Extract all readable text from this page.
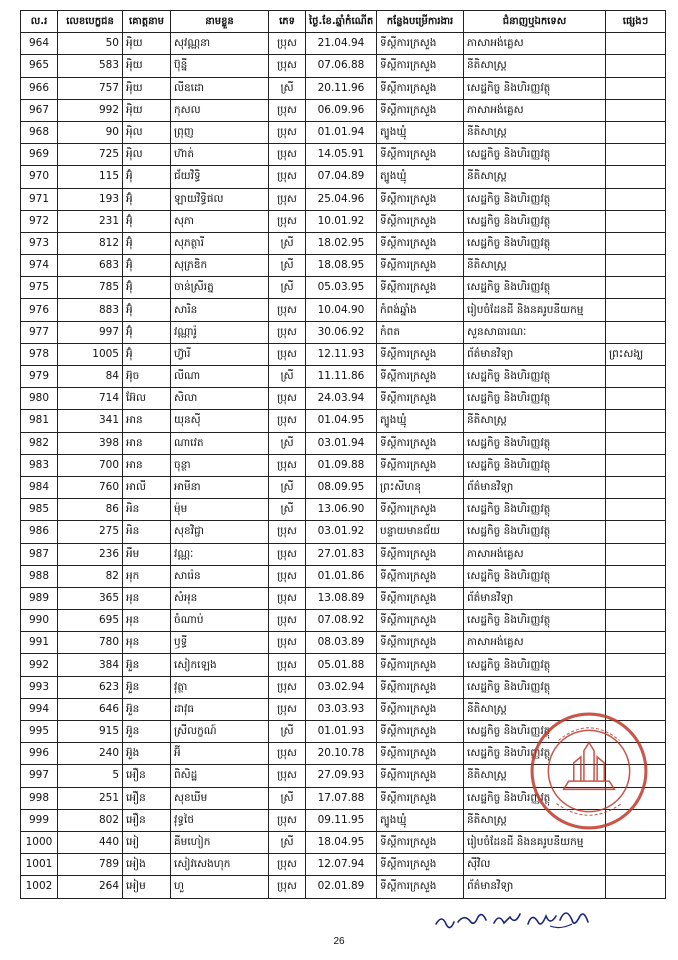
ល.រ	លេខបេក្ខជន	គោត្តនាម	នាមខ្លួន	ភេទ	ថ្ងៃ.ខែ.ឆ្នាំកំណើត	កន្លែងបម្រើការងារ	ជំនាញឬឯកទេស	ផ្សេងៗ
964	50	អុិយ	សុវណ្ណនា	ប្រុស	21.04.94	ទីស្តីការក្រសួង	ភាសាអង់គ្លេស	
965	583	អុិយ	ប៊ុន្នី	ប្រុស	07.06.88	ទីស្តីការក្រសួង	នីតិសាស្ត្រ	
966	757	អុិយ	លីឧដោ	ស្រី	20.11.96	ទីស្តីការក្រសួង	សេដ្ឋកិច្ច និងហិរញ្ញវត្ថុ	
967	992	អុិយ	កុសល	ប្រុស	06.09.96	ទីស្តីការក្រសួង	ភាសាអង់គ្លេស	
968	90	អុិល	ព្រុញ	ប្រុស	01.01.94	ត្បូងឃ្មុំ	នីតិសាស្ត្រ	
969	725	អុិល	ហ៊ាត់	ប្រុស	14.05.91	ទីស្តីការក្រសួង	សេដ្ឋកិច្ច និងហិរញ្ញវត្ថុ	
970	115	អ៊ុំ	ជ័យវិទ្ធិ	ប្រុស	07.04.89	ត្បូងឃ្មុំ	នីតិសាស្ត្រ	
971	193	អ៊ុំ	ឡាយវិទ្ធិផល	ប្រុស	25.04.96	ទីស្តីការក្រសួង	សេដ្ឋកិច្ច និងហិរញ្ញវត្ថុ	
972	231	អ៊ុំ	សុភា	ប្រុស	10.01.92	ទីស្តីការក្រសួង	សេដ្ឋកិច្ច និងហិរញ្ញវត្ថុ	
973	812	អ៊ុំ	សុភត្ថារី	ស្រី	18.02.95	ទីស្តីការក្រសួង	សេដ្ឋកិច្ច និងហិរញ្ញវត្ថុ	
974	683	អ៊ុំ	សុភ្រឌិក	ស្រី	18.08.95	ទីស្តីការក្រសួង	នីតិសាស្ត្រ	
975	785	អ៊ុំ	ចាន់ស្រីរត្ន	ស្រី	05.03.95	ទីស្តីការក្រសួង	សេដ្ឋកិច្ច និងហិរញ្ញវត្ថុ	
976	883	អ៊ុំ	សារិន	ប្រុស	10.04.90	កំពង់ឆ្នាំង	រៀបចំដែនដី និងនគរូបនីយកម្ម	
977	997	អ៊ុំ	វណ្ណារ៉ូ	ប្រុស	30.06.92	កំពត	សួនសាធារណៈ	
978	1005	អ៊ុំ	ហ៊្វារី	ប្រុស	12.11.93	ទីស្តីការក្រសួង	ព័ត៌មានវិទ្យា	ព្រះសង្ឃ
979	84	អ៊ុច	លីណា	ស្រី	11.11.86	ទីស្តីការក្រសួង	សេដ្ឋកិច្ច និងហិរញ្ញវត្ថុ	
980	714	អ៊ែល	សិលា	ប្រុស	24.03.94	ទីស្តីការក្រសួង	សេដ្ឋកិច្ច និងហិរញ្ញវត្ថុ	
981	341	អាន	យុនស៊ី	ប្រុស	01.04.95	ត្បូងឃ្មុំ	នីតិសាស្ត្រ	
982	398	អាន	ណាវេត	ស្រី	03.01.94	ទីស្តីការក្រសួង	សេដ្ឋកិច្ច និងហិរញ្ញវត្ថុ	
983	700	អាន	ចុន្ថា	ប្រុស	01.09.88	ទីស្តីការក្រសួង	សេដ្ឋកិច្ច និងហិរញ្ញវត្ថុ	
984	760	អាលី	អាមីនា	ស្រី	08.09.95	ព្រះសីហនុ	ព័ត៌មានវិទ្យា	
985	86	អិន	ម៉ុម	ស្រី	13.06.90	ទីស្តីការក្រសួង	សេដ្ឋកិច្ច និងហិរញ្ញវត្ថុ	
986	275	អិន	សុខវិជ្ជា	ប្រុស	03.01.92	បន្ទាយមានជ័យ	សេដ្ឋកិច្ច និងហិរញ្ញវត្ថុ	
987	236	អឹម	វណ្ណៈ	ប្រុស	27.01.83	ទីស្តីការក្រសួង	ភាសាអង់គ្លេស	
988	82	អុក	សារ៉េន	ប្រុស	01.01.86	ទីស្តីការក្រសួង	សេដ្ឋកិច្ច និងហិរញ្ញវត្ថុ	
989	365	អុន	សំអុន	ប្រុស	13.08.89	ទីស្តីការក្រសួង	ព័ត៌មានវិទ្យា	
990	695	អុន	ចំណាប់	ប្រុស	07.08.92	ទីស្តីការក្រសួង	សេដ្ឋកិច្ច និងហិរញ្ញវត្ថុ	
991	780	អុន	ឫទ្ធី	ប្រុស	08.03.89	ទីស្តីការក្រសួង	ភាសាអង់គ្លេស	
992	384	អ៊ួន	សៀកឡេង	ប្រុស	05.01.88	ទីស្តីការក្រសួង	សេដ្ឋកិច្ច និងហិរញ្ញវត្ថុ	
993	623	អ៊ួន	វុត្ថា	ប្រុស	03.02.94	ទីស្តីការក្រសួង	សេដ្ឋកិច្ច និងហិរញ្ញវត្ថុ	
994	646	អ៊ួន	ដាវុធ	ប្រុស	03.03.93	ទីស្តីការក្រសួង	នីតិសាស្ត្រ	
995	915	អ៊ួន	ស្រីលក្ខណ៍	ស្រី	01.01.93	ទីស្តីការក្រសួង	សេដ្ឋកិច្ច និងហិរញ្ញវត្ថុ	
996	240	អ៊ួង	អ៊ី	ប្រុស	20.10.78	ទីស្តីការក្រសួង	សេដ្ឋកិច្ច និងហិរញ្ញវត្ថុ	
997	5	អឿន	ពិសិដ្ឋ	ប្រុស	27.09.93	ទីស្តីការក្រសួង	នីតិសាស្ត្រ	
998	251	អឿន	សុខឃីម	ស្រី	17.07.88	ទីស្តីការក្រសួង	សេដ្ឋកិច្ច និងហិរញ្ញវត្ថុ	
999	802	អឿន	វុទ្ធថៃ	ប្រុស	09.11.95	ត្បូងឃ្មុំ	នីតិសាស្ត្រ	
1000	440	អៀ	គីមហៀក	ស្រី	18.04.95	ទីស្តីការក្រសួង	រៀបចំដែនដី និងនគរូបនីយកម្ម	
1001	789	អៀង	សៀវសេងហុក	ប្រុស	12.07.94	ទីស្តីការក្រសួង	ស៊ីវិល	
1002	264	អៀម	ហួ	ប្រុស	02.01.89	ទីស្តីការក្រសួង	ព័ត៌មានវិទ្យា	
26
